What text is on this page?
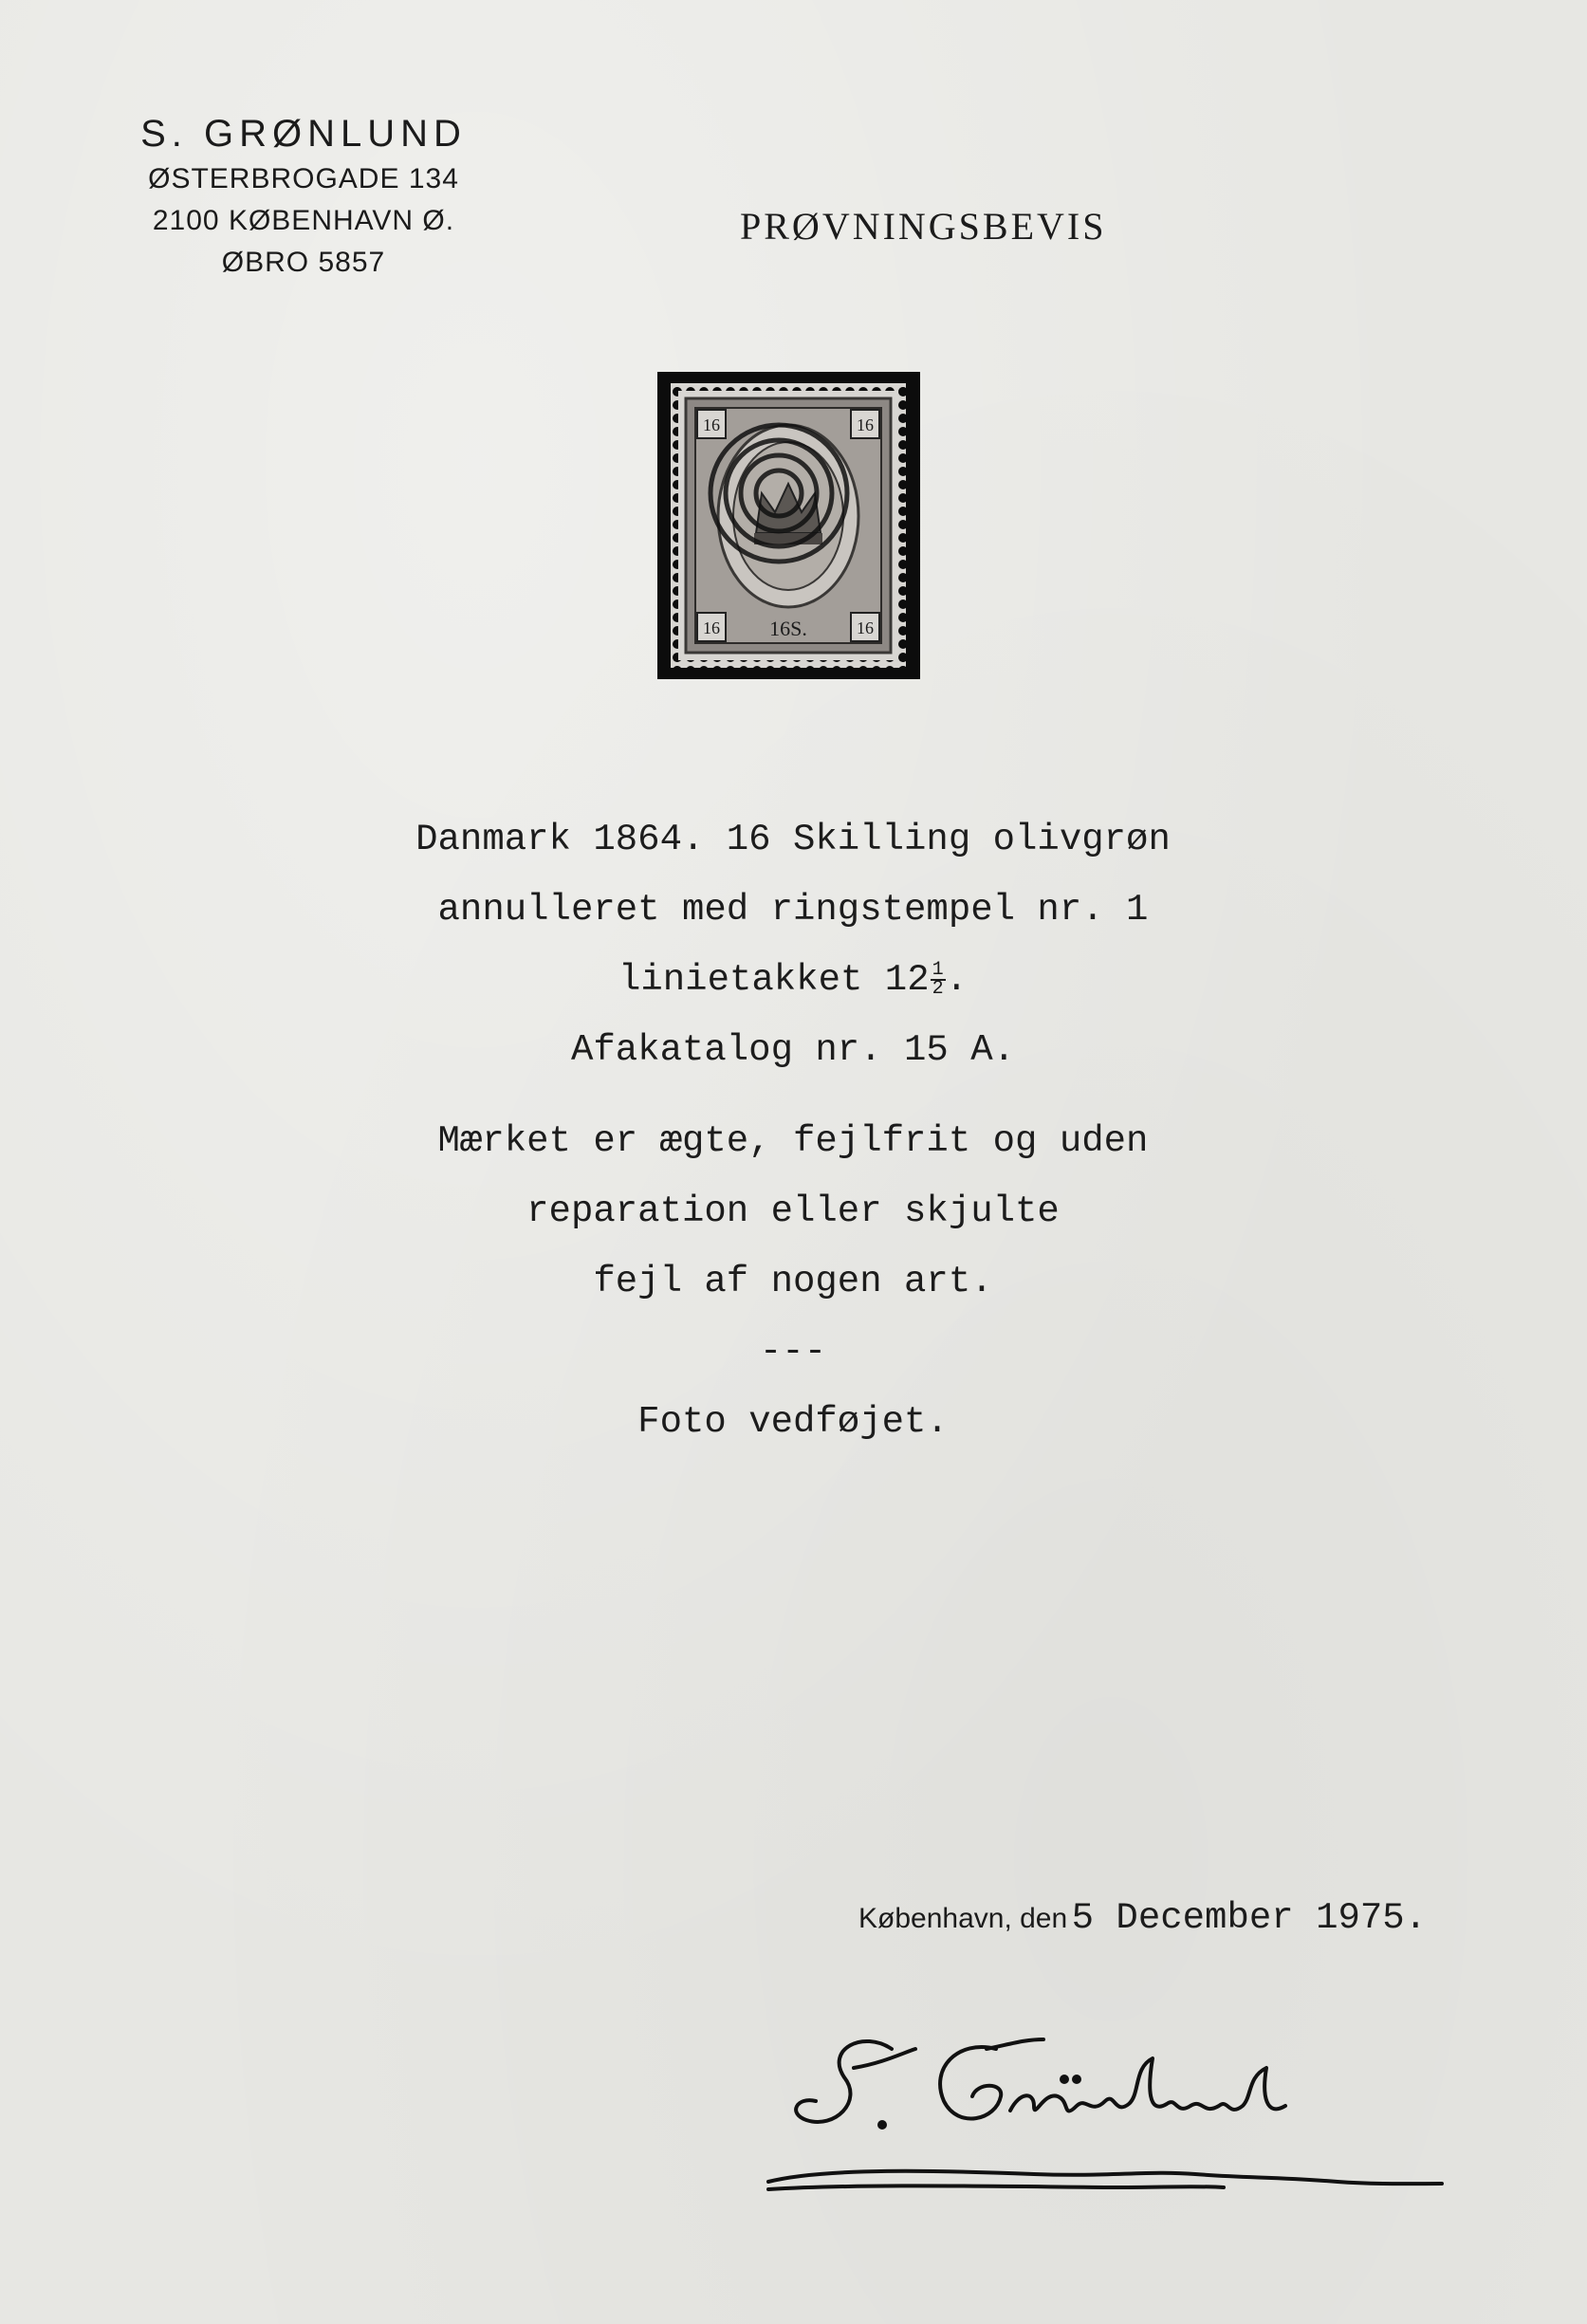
S. GRØNLUND
ØSTERBROGADE 134
2100 KØBENHAVN Ø.
ØBRO 5857
PRØVNINGSBEVIS
16	16
16	16
16S.
Danmark 1864. 16 Skilling olivgrøn
annulleret med ringstempel nr. 1
linietakket $12 \frac{1}{2}$ .
Afakatalog nr. 15 A.
Mærket er ægte, fejlfrit og uden
reparation eller skjulte
fejl af nogen art.
---
Foto vedføjet.
København, den 5 December 1975.
